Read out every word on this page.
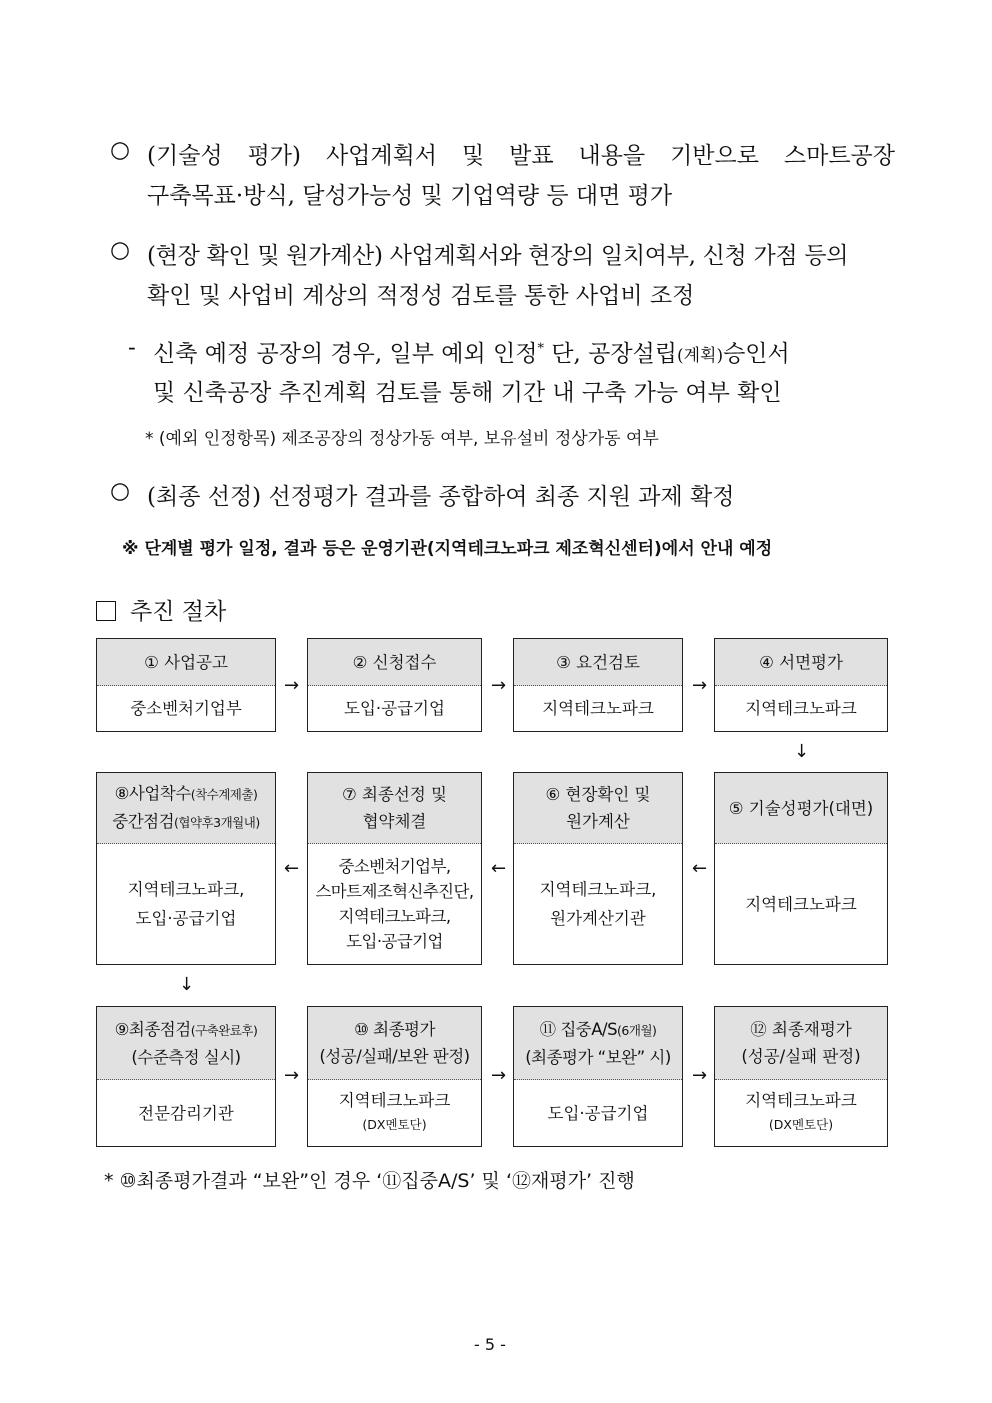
○ (기술성 평가) 사업계획서 및 발표 내용을 기반으로 스마트공장
구축목표·방식, 달성가능성 및 기업역량 등 대면 평가
○ (현장 확인 및 원가계산) 사업계획서와 현장의 일치여부, 신청 가점 등의
확인 및 사업비 계상의 적정성 검토를 통한 사업비 조정
- 신축 예정 공장의 경우, 일부 예외 인정* 단, 공장설립(계획)승인서
및 신축공장 추진계획 검토를 통해 기간 내 구축 가능 여부 확인
* (예외 인정항목) 제조공장의 정상가동 여부, 보유설비 정상가동 여부
○ (최종 선정) 선정평가 결과를 종합하여 최종 지원 과제 확정
※ 단계별 평가 일정, 결과 등은 운영기관(지역테크노파크 제조혁신센터)에서 안내 예정
추진 절차
① 사업공고
중소벤처기업부
→
② 신청접수
도입·공급기업
→
③ 요건검토
지역테크노파크
→
④ 서면평가
지역테크노파크
↓
⑧사업착수(착수계제출)
중간점검(협약후3개월내)
지역테크노파크,
도입·공급기업
←
⑦ 최종선정 및
협약체결
중소벤처기업부,
스마트제조혁신추진단,
지역테크노파크,
도입·공급기업
←
⑥ 현장확인 및
원가계산
지역테크노파크,
원가계산기관
←
⑤ 기술성평가(대면)
지역테크노파크
↓
⑨최종점검(구축완료후)
(수준측정 실시)
전문감리기관
→
⑩ 최종평가
(성공/실패/보완 판정)
지역테크노파크
(DX멘토단)
→
⑪ 집중A/S(6개월)
(최종평가 “보완” 시)
도입·공급기업
→
⑫ 최종재평가
(성공/실패 판정)
지역테크노파크
(DX멘토단)
* ⑩최종평가결과 “보완”인 경우 ‘⑪집중A/S’ 및 ‘⑫재평가’ 진행
- 5 -
